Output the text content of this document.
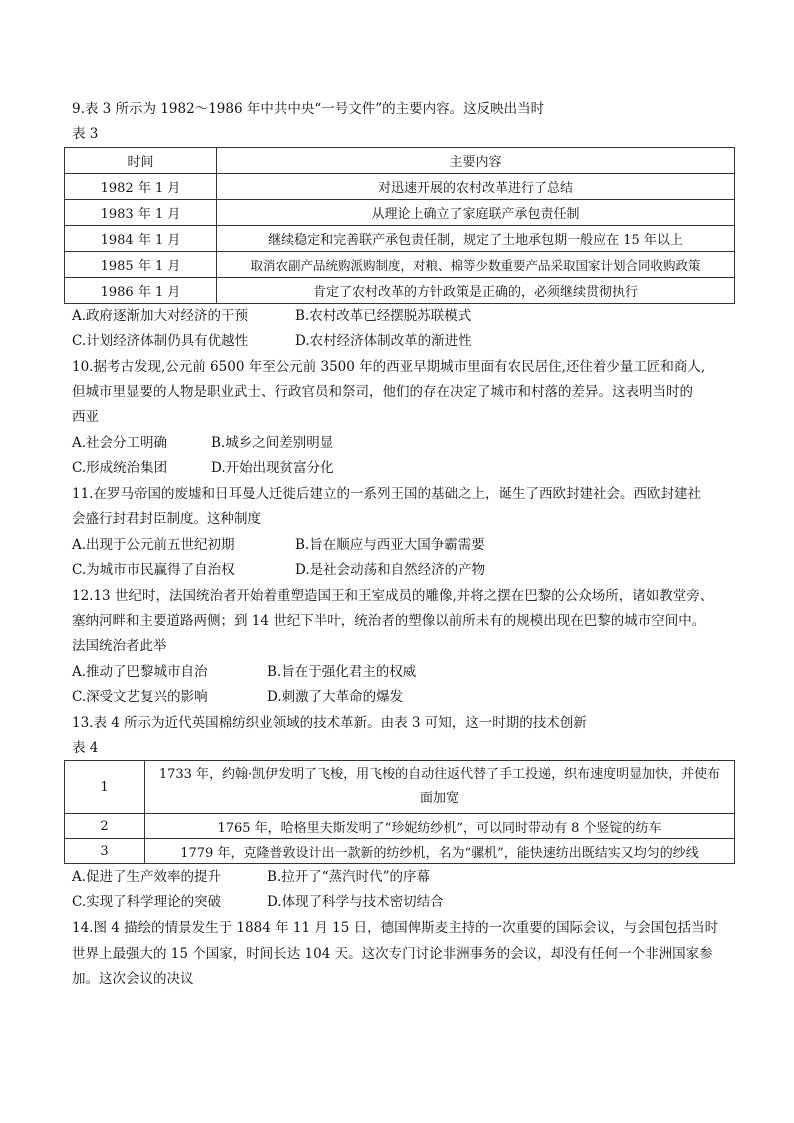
9.表 3 所示为 1982～1986 年中共中央“一号文件”的主要内容。这反映出当时
表 3
时间	主要内容
1982 年 1 月	对迅速开展的农村改革进行了总结
1983 年 1 月	从理论上确立了家庭联产承包责任制
1984 年 1 月	继续稳定和完善联产承包责任制，规定了土地承包期一般应在 15 年以上
1985 年 1 月	取消农副产品统购派购制度，对粮、棉等少数重要产品采取国家计划合同收购政策
1986 年 1 月	肯定了农村改革的方针政策是正确的，必须继续贯彻执行
A.政府逐渐加大对经济的干预	B.农村改革已经摆脱苏联模式
C.计划经济体制仍具有优越性	D.农村经济体制改革的渐进性
10.据考古发现,公元前 6500 年至公元前 3500 年的西亚早期城市里面有农民居住,还住着少量工匠和商人,
但城市里显要的人物是职业武士、行政官员和祭司，他们的存在决定了城市和村落的差异。这表明当时的
西亚
A.社会分工明确	B.城乡之间差别明显
C.形成统治集团	D.开始出现贫富分化
11.在罗马帝国的废墟和日耳曼人迁徙后建立的一系列王国的基础之上，诞生了西欧封建社会。西欧封建社
会盛行封君封臣制度。这种制度
A.出现于公元前五世纪初期	B.旨在顺应与西亚大国争霸需要
C.为城市市民赢得了自治权	D.是社会动荡和自然经济的产物
12.13 世纪时，法国统治者开始着重塑造国王和王室成员的雕像,并将之摆在巴黎的公众场所，诸如教堂旁、
塞纳河畔和主要道路两侧；到 14 世纪下半叶，统治者的塑像以前所未有的规模出现在巴黎的城市空间中。
法国统治者此举
A.推动了巴黎城市自治	B.旨在于强化君主的权威
C.深受文艺复兴的影响	D.刺激了大革命的爆发
13.表 4 所示为近代英国棉纺织业领域的技术革新。由表 3 可知，这一时期的技术创新
表 4
1	1733 年，约翰·凯伊发明了飞梭，用飞梭的自动往返代替了手工投递，织布速度明显加快，并使布面加宽
2	1765 年，哈格里夫斯发明了“珍妮纺纱机”，可以同时带动有 8 个竖锭的纺车
3	1779 年，克隆普敦设计出一款新的纺纱机，名为“骡机”，能快速纺出既结实又均匀的纱线
A.促进了生产效率的提升	B.拉开了“蒸汽时代”的序幕
C.实现了科学理论的突破	D.体现了科学与技术密切结合
14.图 4 描绘的情景发生于 1884 年 11 月 15 日，德国俾斯麦主持的一次重要的国际会议，与会国包括当时
世界上最强大的 15 个国家，时间长达 104 天。这次专门讨论非洲事务的会议，却没有任何一个非洲国家参
加。这次会议的决议
